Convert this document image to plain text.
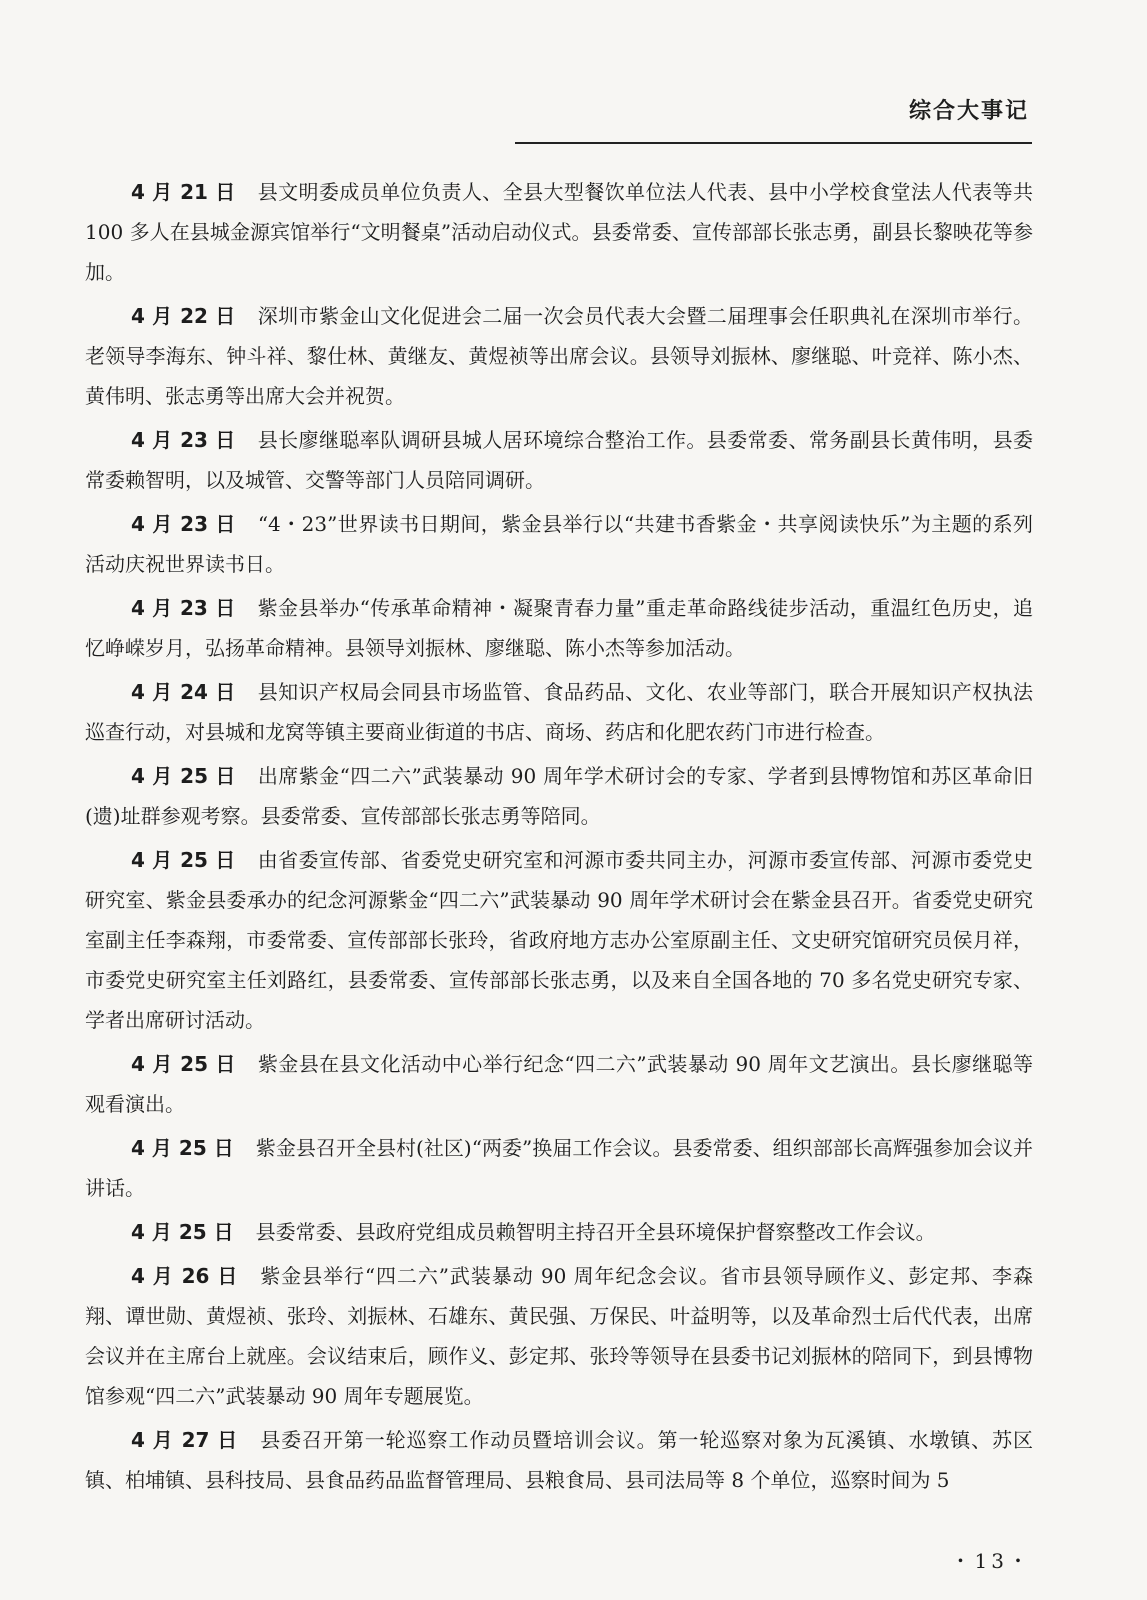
综合大事记

4 月 21 日 县文明委成员单位负责人、全县大型餐饮单位法人代表、县中小学校食堂法人代表等共 100 多人在县城金源宾馆举行“文明餐桌”活动启动仪式。县委常委、宣传部部长张志勇，副县长黎映花等参加。

4 月 22 日 深圳市紫金山文化促进会二届一次会员代表大会暨二届理事会任职典礼在深圳市举行。老领导李海东、钟斗祥、黎仕林、黄继友、黄煜祯等出席会议。县领导刘振林、廖继聪、叶竞祥、陈小杰、黄伟明、张志勇等出席大会并祝贺。

4 月 23 日 县长廖继聪率队调研县城人居环境综合整治工作。县委常委、常务副县长黄伟明，县委常委赖智明，以及城管、交警等部门人员陪同调研。

4 月 23 日 “4・23”世界读书日期间，紫金县举行以“共建书香紫金・共享阅读快乐”为主题的系列活动庆祝世界读书日。

4 月 23 日 紫金县举办“传承革命精神・凝聚青春力量”重走革命路线徒步活动，重温红色历史，追忆峥嵘岁月，弘扬革命精神。县领导刘振林、廖继聪、陈小杰等参加活动。

4 月 24 日 县知识产权局会同县市场监管、食品药品、文化、农业等部门，联合开展知识产权执法巡查行动，对县城和龙窝等镇主要商业街道的书店、商场、药店和化肥农药门市进行检查。

4 月 25 日 出席紫金“四二六”武装暴动 90 周年学术研讨会的专家、学者到县博物馆和苏区革命旧(遗)址群参观考察。县委常委、宣传部部长张志勇等陪同。

4 月 25 日 由省委宣传部、省委党史研究室和河源市委共同主办，河源市委宣传部、河源市委党史研究室、紫金县委承办的纪念河源紫金“四二六”武装暴动 90 周年学术研讨会在紫金县召开。省委党史研究室副主任李森翔，市委常委、宣传部部长张玲，省政府地方志办公室原副主任、文史研究馆研究员侯月祥，市委党史研究室主任刘路红，县委常委、宣传部部长张志勇，以及来自全国各地的 70 多名党史研究专家、学者出席研讨活动。

4 月 25 日 紫金县在县文化活动中心举行纪念“四二六”武装暴动 90 周年文艺演出。县长廖继聪等观看演出。

4 月 25 日 紫金县召开全县村(社区)“两委”换届工作会议。县委常委、组织部部长高辉强参加会议并讲话。

4 月 25 日 县委常委、县政府党组成员赖智明主持召开全县环境保护督察整改工作会议。

4 月 26 日 紫金县举行“四二六”武装暴动 90 周年纪念会议。省市县领导顾作义、彭定邦、李森翔、谭世勋、黄煜祯、张玲、刘振林、石雄东、黄民强、万保民、叶益明等，以及革命烈士后代代表，出席会议并在主席台上就座。会议结束后，顾作义、彭定邦、张玲等领导在县委书记刘振林的陪同下，到县博物馆参观“四二六”武装暴动 90 周年专题展览。

4 月 27 日 县委召开第一轮巡察工作动员暨培训会议。第一轮巡察对象为瓦溪镇、水墩镇、苏区镇、柏埔镇、县科技局、县食品药品监督管理局、县粮食局、县司法局等 8 个单位，巡察时间为 5

・13・
